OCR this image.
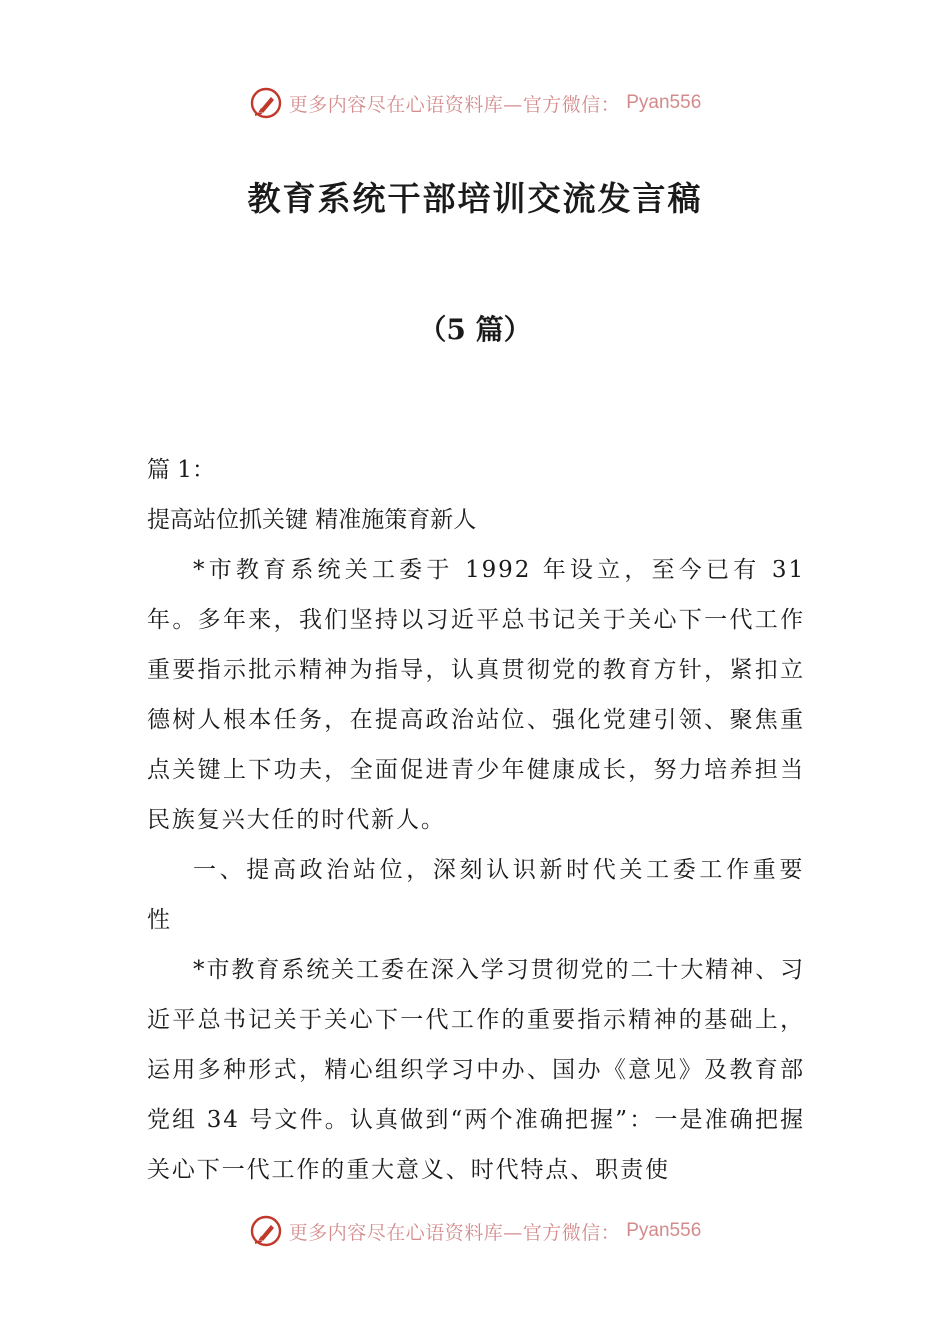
更多内容尽在心语资料库—官方微信： Pyan556
教育系统干部培训交流发言稿
（5 篇）

篇 1：

提高站位抓关键 精准施策育新人

*市教育系统关工委于 1992 年设立，至今已有 31 年。多年来，我们坚持以习近平总书记关于关心下一代工作重要指示批示精神为指导，认真贯彻党的教育方针，紧扣立德树人根本任务，在提高政治站位、强化党建引领、聚焦重点关键上下功夫，全面促进青少年健康成长，努力培养担当民族复兴大任的时代新人。

一、提高政治站位，深刻认识新时代关工委工作重要性

*市教育系统关工委在深入学习贯彻党的二十大精神、习近平总书记关于关心下一代工作的重要指示精神的基础上，运用多种形式，精心组织学习中办、国办《意见》及教育部党组 34 号文件。认真做到“两个准确把握”：一是准确把握关心下一代工作的重大意义、时代特点、职责使

更多内容尽在心语资料库—官方微信： Pyan556
